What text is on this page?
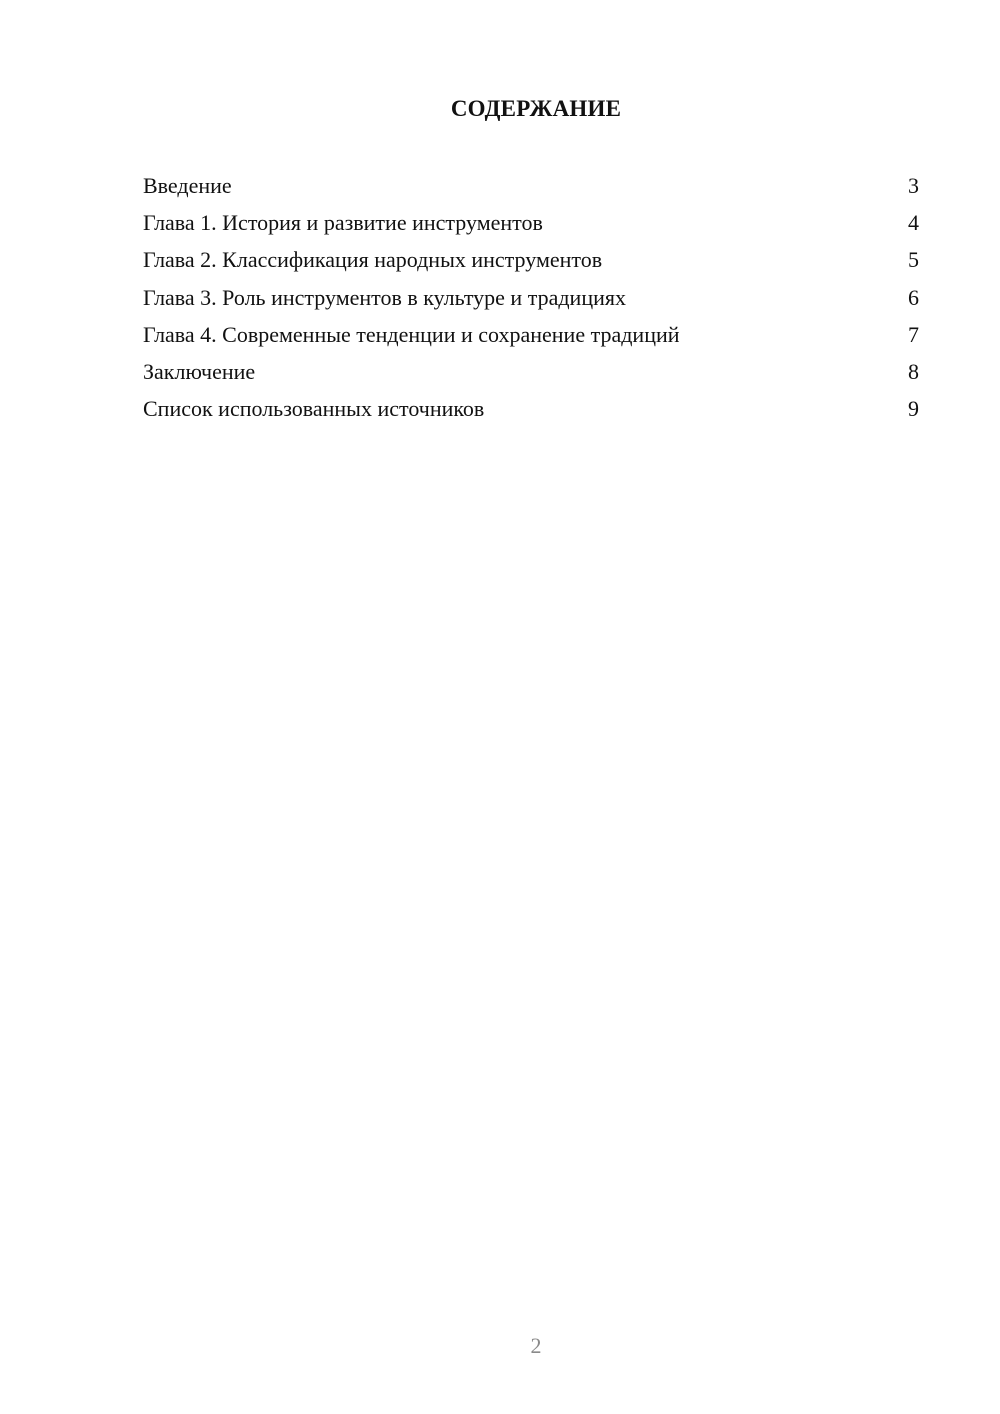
СОДЕРЖАНИЕ
Введение	3
Глава 1. История и развитие инструментов	4
Глава 2. Классификация народных инструментов	5
Глава 3. Роль инструментов в культуре и традициях	6
Глава 4. Современные тенденции и сохранение традиций	7
Заключение	8
Список использованных источников	9
2
